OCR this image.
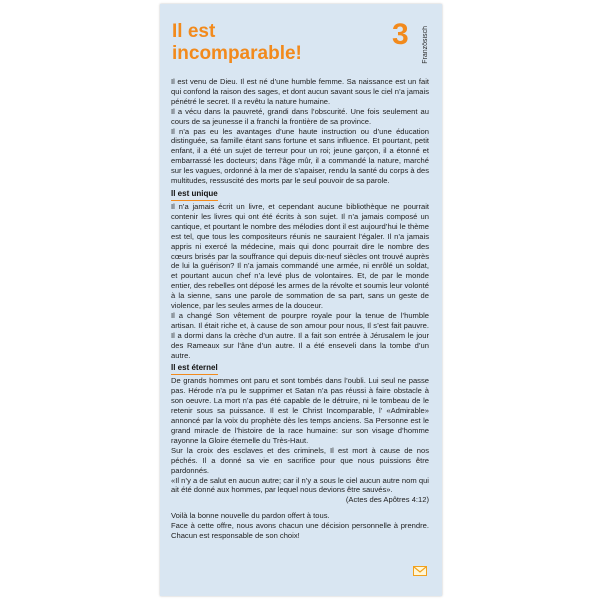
Il est
incomparable!
3 Französisch

Il est venu de Dieu. Il est né d’une humble femme. Sa naissance est un fait qui confond la raison des sages, et dont aucun savant sous le ciel n’a jamais pénétré le secret. Il a revêtu la nature humaine.

Il a vécu dans la pauvreté, grandi dans l’obscurité. Une fois seulement au cours de sa jeunesse il a franchi la frontière de sa province.

Il n’a pas eu les avantages d’une haute instruction ou d’une éducation distinguée, sa famille étant sans fortune et sans influence. Et pourtant, petit enfant, il a été un sujet de terreur pour un roi; jeune garçon, il a étonné et embarrassé les docteurs; dans l’âge mûr, il a commandé la nature, marché sur les vagues, ordonné à la mer de s’apaiser, rendu la santé du corps à des multitudes, ressuscité des morts par le seul pouvoir de sa parole.

Il est unique

Il n’a jamais écrit un livre, et cependant aucune bibliothèque ne pourrait contenir les livres qui ont été écrits à son sujet. Il n’a jamais composé un cantique, et pourtant le nombre des mélodies dont il est aujourd’hui le thème est tel, que tous les compositeurs réunis ne sauraient l’égaler. Il n’a jamais appris ni exercé la médecine, mais qui donc pourrait dire le nombre des cœurs brisés par la souffrance qui depuis dix-neuf siècles ont trouvé auprès de lui la guérison? Il n’a jamais commandé une armée, ni enrôlé un soldat, et pourtant aucun chef n’a levé plus de volontaires. Et, de par le monde entier, des rebelles ont déposé les armes de la révolte et soumis leur volonté à la sienne, sans une parole de sommation de sa part, sans un geste de violence, par les seules armes de la douceur.

Il a changé Son vêtement de pourpre royale pour la tenue de l’humble artisan. Il était riche et, à cause de son amour pour nous, Il s’est fait pauvre. Il a dormi dans la crèche d’un autre. Il a fait son entrée à Jérusalem le jour des Rameaux sur l’âne d’un autre. Il a été enseveli dans la tombe d’un autre.

Il est éternel

De grands hommes ont paru et sont tombés dans l’oubli. Lui seul ne passe pas. Hérode n’a pu le supprimer et Satan n’a pas réussi à faire obstacle à son oeuvre. La mort n’a pas été capable de le détruire, ni le tombeau de le retenir sous sa puissance. Il est le Christ Incomparable, l’ «Admirable» annoncé par la voix du prophète dès les temps anciens. Sa Personne est le grand miracle de l’histoire de la race humaine: sur son visage d’homme rayonne la Gloire éternelle du Très-Haut.

Sur la croix des esclaves et des criminels, Il est mort à cause de nos péchés. Il a donné sa vie en sacrifice pour que nous puissions être pardonnés.

«Il n’y a de salut en aucun autre; car il n’y a sous le ciel aucun autre nom qui ait été donné aux hommes, par lequel nous devions être sauvés».

(Actes des Apôtres 4:12)

Voilà la bonne nouvelle du pardon offert à tous.

Face à cette offre, nous avons chacun une décision personnelle à prendre. Chacun est responsable de son choix!
